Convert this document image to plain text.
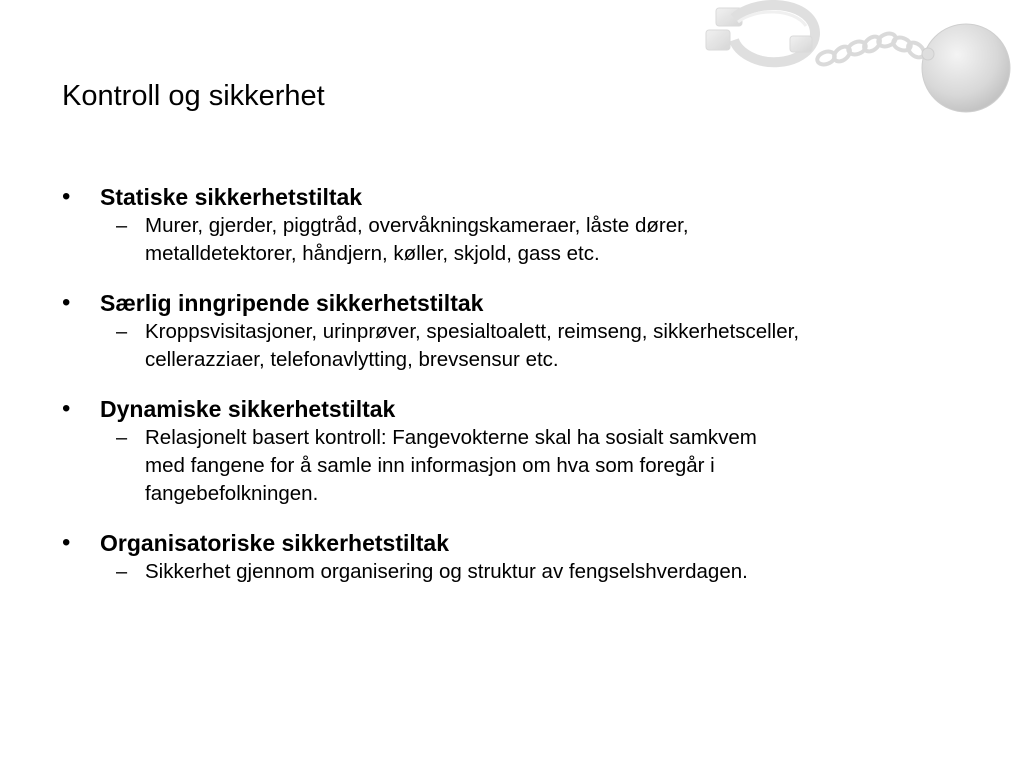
Kontroll og sikkerhet
• Statiske sikkerhetstiltak
– Murer, gjerder, piggtråd, overvåkningskameraer, låste dører,
metalldetektorer, håndjern, køller, skjold, gass etc.
• Særlig inngripende sikkerhetstiltak
– Kroppsvisitasjoner, urinprøver, spesialtoalett, reimseng, sikkerhetsceller,
cellerazziaer, telefonavlytting, brevsensur etc.
• Dynamiske sikkerhetstiltak
– Relasjonelt basert kontroll: Fangevokterne skal ha sosialt samkvem
med fangene for å samle inn informasjon om hva som foregår i
fangebefolkningen.
• Organisatoriske sikkerhetstiltak
– Sikkerhet gjennom organisering og struktur av fengselshverdagen.
